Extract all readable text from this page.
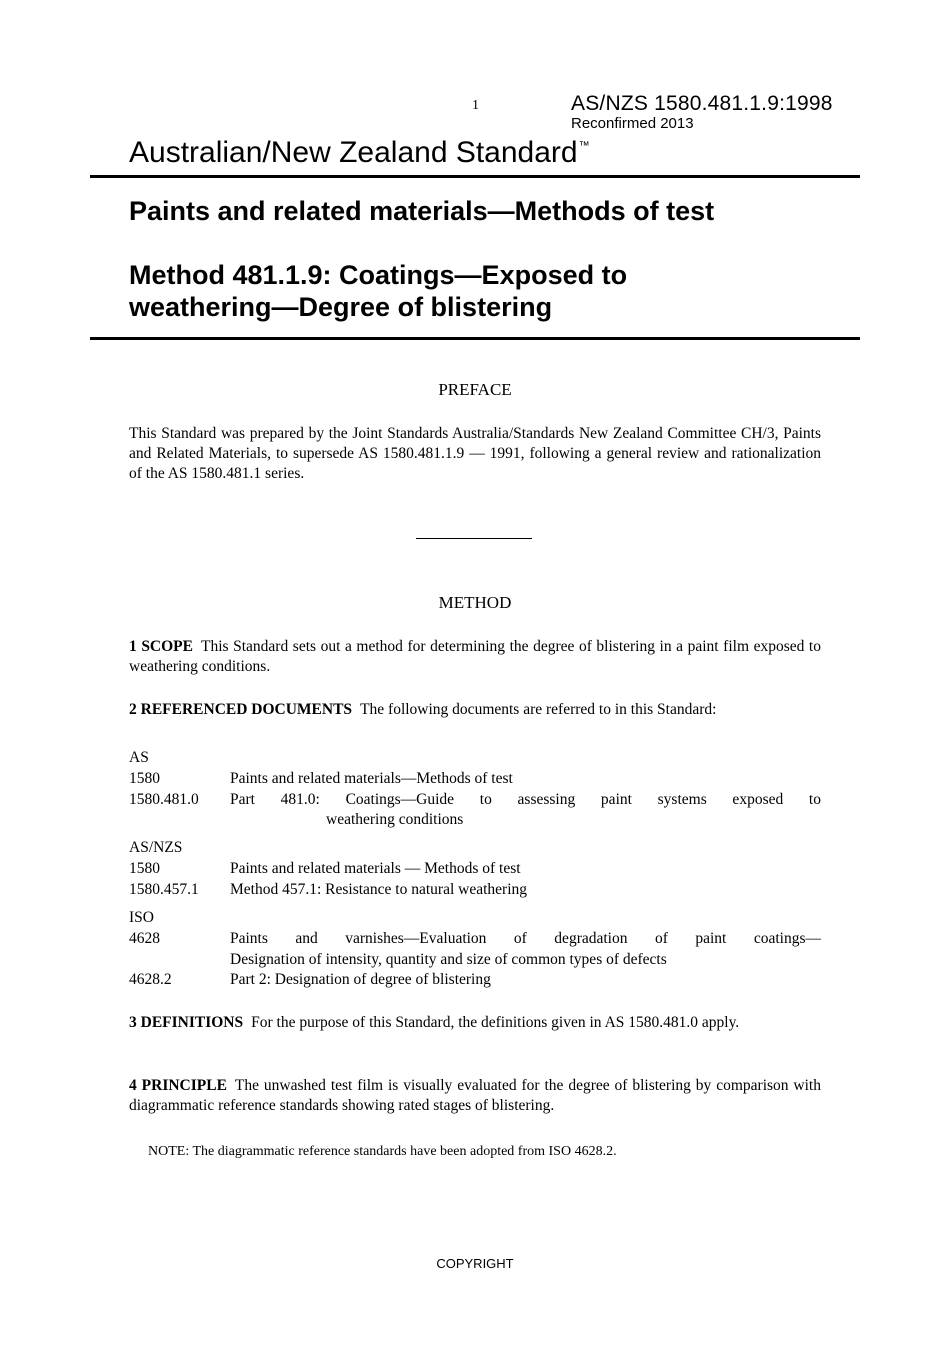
1	AS/NZS 1580.481.1.9:1998
Reconfirmed 2013
Australian/New Zealand Standard™
Paints and related materials—Methods of test
Method 481.1.9: Coatings—Exposed to
weathering—Degree of blistering
PREFACE
This Standard was prepared by the Joint Standards Australia/Standards New Zealand Committee CH/3, Paints and Related Materials, to supersede AS 1580.481.1.9 — 1991, following a general review and rationalization of the AS 1580.481.1 series.
METHOD
1 SCOPE This Standard sets out a method for determining the degree of blistering in a paint film exposed to weathering conditions.
2 REFERENCED DOCUMENTS The following documents are referred to in this Standard:
AS
1580	Paints and related materials—Methods of test
1580.481.0 Part 481.0: Coatings—Guide to assessing paint systems exposed to
weathering conditions
AS/NZS
1580	Paints and related materials — Methods of test
1580.457.1 Method 457.1: Resistance to natural weathering
ISO
4628	Paints and varnishes—Evaluation of degradation of paint coatings—
Designation of intensity, quantity and size of common types of defects
4628.2	Part 2: Designation of degree of blistering
3 DEFINITIONS For the purpose of this Standard, the definitions given in AS 1580.481.0 apply.
4 PRINCIPLE The unwashed test film is visually evaluated for the degree of blistering by comparison with diagrammatic reference standards showing rated stages of blistering.
NOTE: The diagrammatic reference standards have been adopted from ISO 4628.2.
COPYRIGHT
